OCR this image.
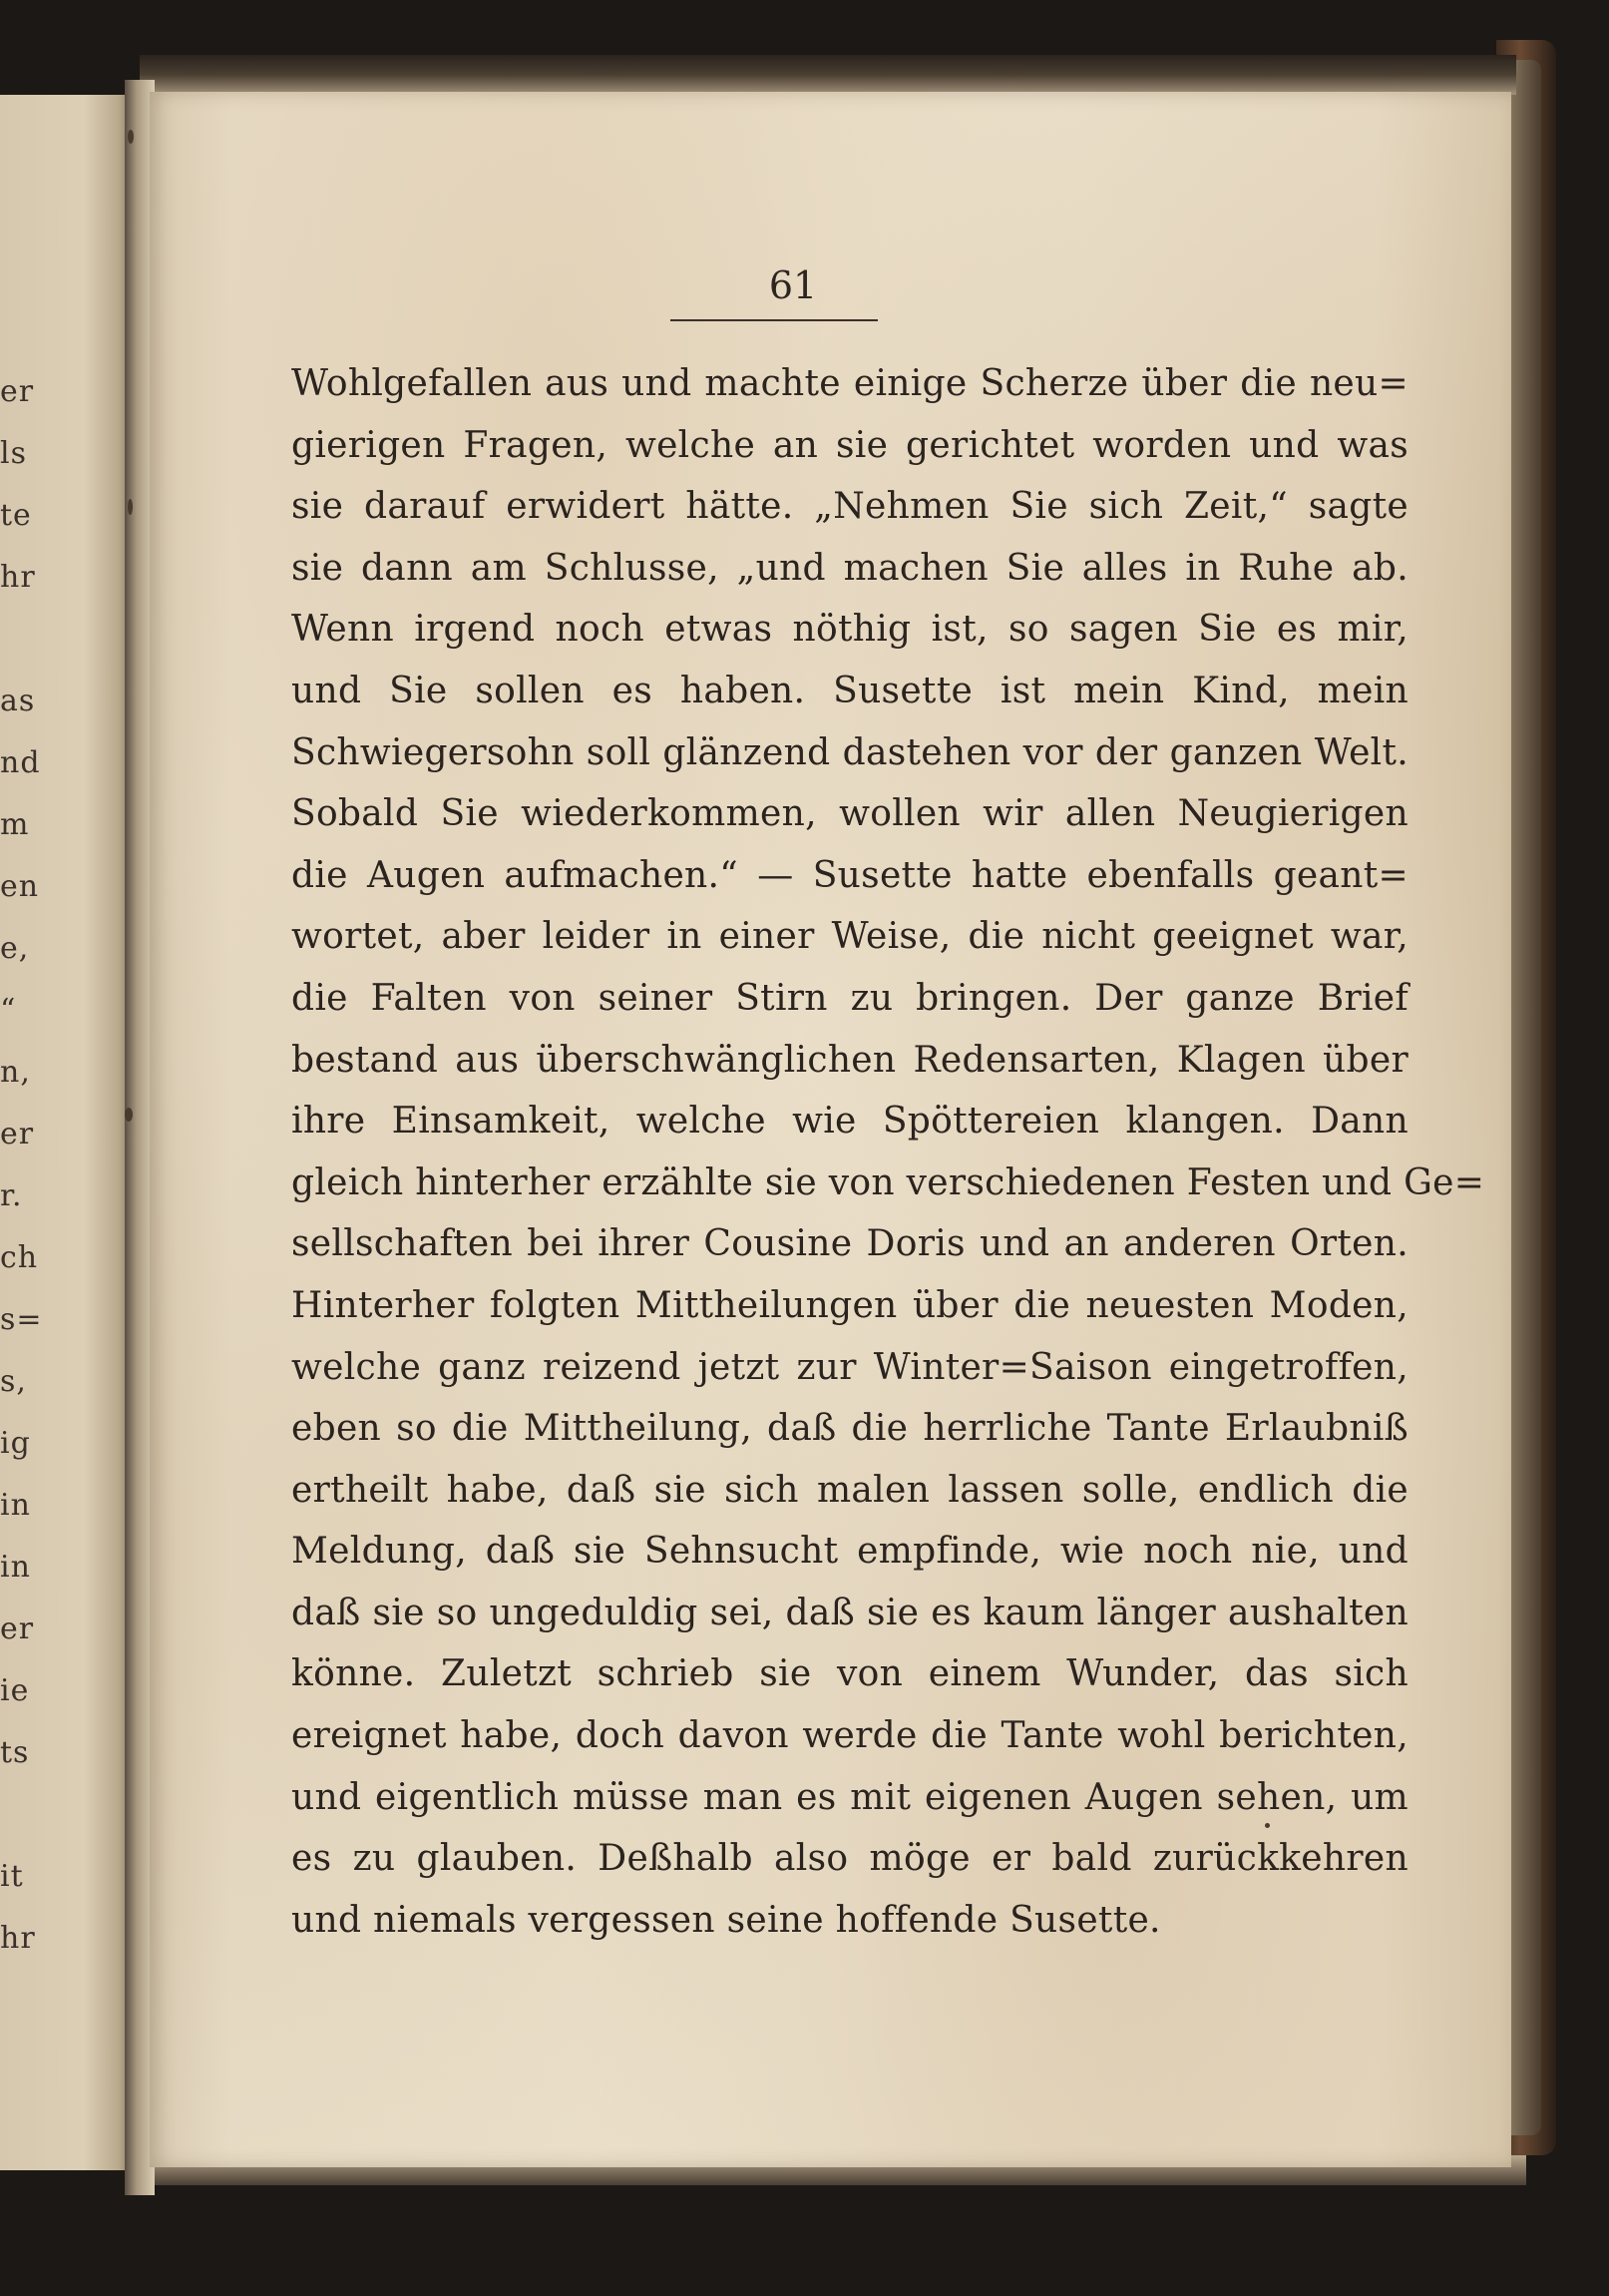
er
ls
te
hr
as
nd
m
en
e,
“
n,
er
r.
ch
s=
s,
ig
in
in
er
ie
ts
it
hr
61
Wohlgefallen aus und machte einige Scherze über die neu=
gierigen Fragen, welche an sie gerichtet worden und was
sie darauf erwidert hätte. „Nehmen Sie sich Zeit,“ sagte
sie dann am Schlusse, „und machen Sie alles in Ruhe ab.
Wenn irgend noch etwas nöthig ist, so sagen Sie es mir,
und Sie sollen es haben. Susette ist mein Kind, mein
Schwiegersohn soll glänzend dastehen vor der ganzen Welt.
Sobald Sie wiederkommen, wollen wir allen Neugierigen
die Augen aufmachen.“ — Susette hatte ebenfalls geant=
wortet, aber leider in einer Weise, die nicht geeignet war,
die Falten von seiner Stirn zu bringen. Der ganze Brief
bestand aus überschwänglichen Redensarten, Klagen über
ihre Einsamkeit, welche wie Spöttereien klangen. Dann
gleich hinterher erzählte sie von verschiedenen Festen und Ge=
sellschaften bei ihrer Cousine Doris und an anderen Orten.
Hinterher folgten Mittheilungen über die neuesten Moden,
welche ganz reizend jetzt zur Winter=Saison eingetroffen,
eben so die Mittheilung, daß die herrliche Tante Erlaubniß
ertheilt habe, daß sie sich malen lassen solle, endlich die
Meldung, daß sie Sehnsucht empfinde, wie noch nie, und
daß sie so ungeduldig sei, daß sie es kaum länger aushalten
könne. Zuletzt schrieb sie von einem Wunder, das sich
ereignet habe, doch davon werde die Tante wohl berichten,
und eigentlich müsse man es mit eigenen Augen sehen, um
es zu glauben. Deßhalb also möge er bald zurückkehren
und niemals vergessen seine hoffende Susette.
